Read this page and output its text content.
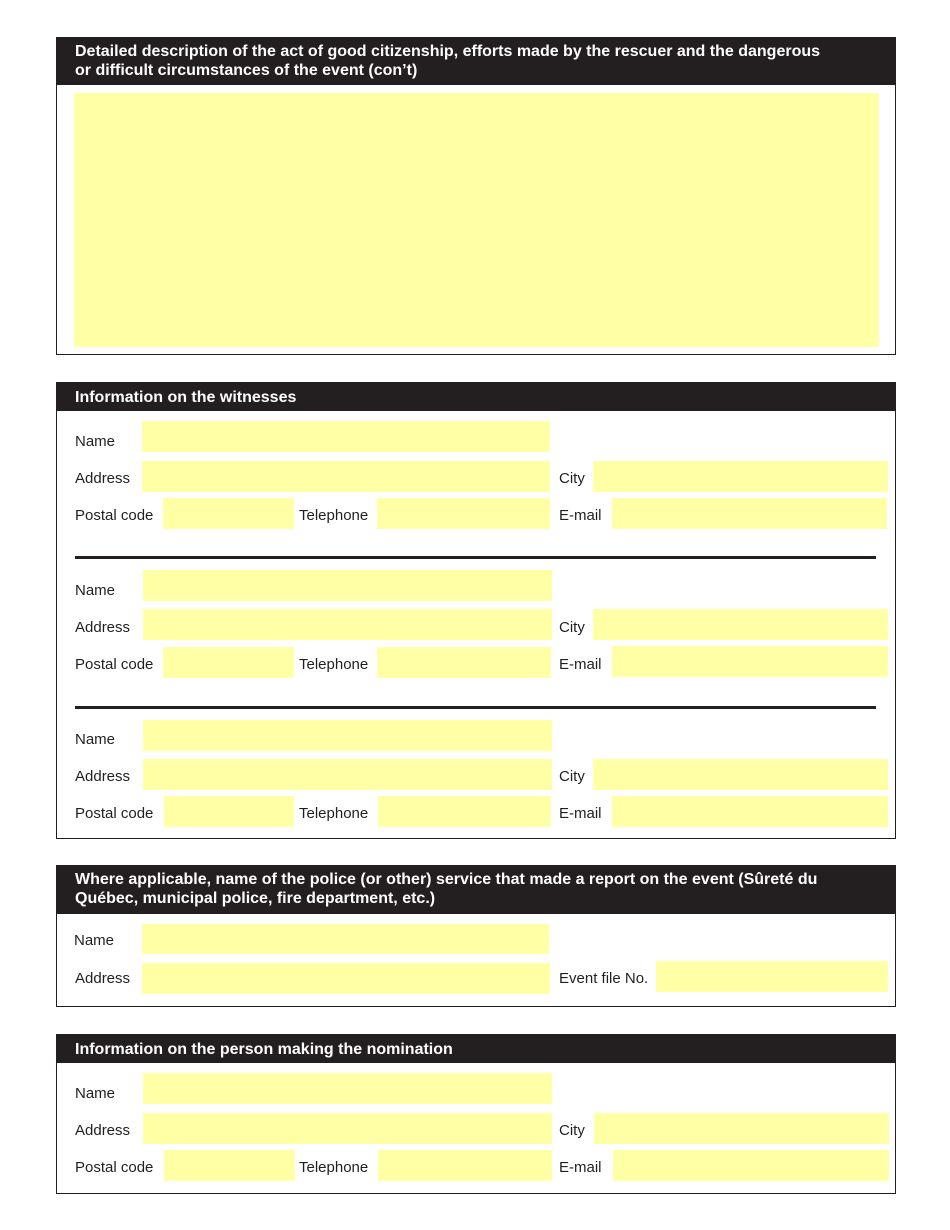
Detailed description of the act of good citizenship, efforts made by the rescuer and the dangerous
or difficult circumstances of the event (con’t)
Information on the witnesses
Name
Address	City
Postal code	Telephone	E-mail
Name
Address	City
Postal code	Telephone	E-mail
Name
Address	City
Postal code	Telephone	E-mail
Where applicable, name of the police (or other) service that made a report on the event (Sûreté du
Québec, municipal police, fire department, etc.)
Name
Address	Event file No.
Information on the person making the nomination
Name
Address	City
Postal code	Telephone	E-mail
